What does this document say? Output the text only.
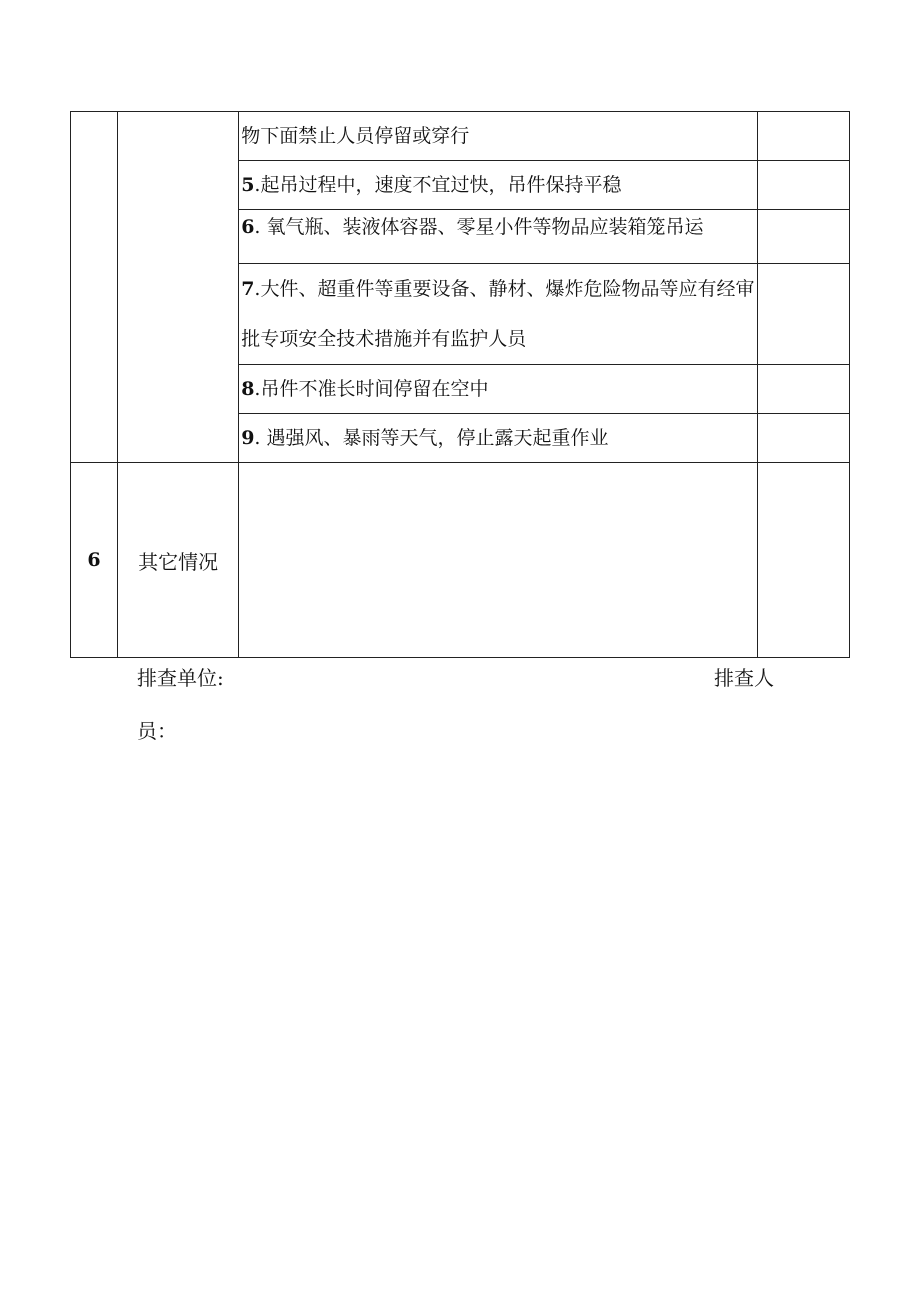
		物下面禁止人员停留或穿行	
		5.起吊过程中，速度不宜过快，吊件保持平稳	
		6. 氧气瓶、装液体容器、零星小件等物品应装箱笼吊运	
		7.大件、超重件等重要设备、静材、爆炸危险物品等应有经审批专项安全技术措施并有监护人员	
		8.吊件不准长时间停留在空中	
		9. 遇强风、暴雨等天气，停止露天起重作业	
6	其它情况		
排查单位:	排查人
员：
